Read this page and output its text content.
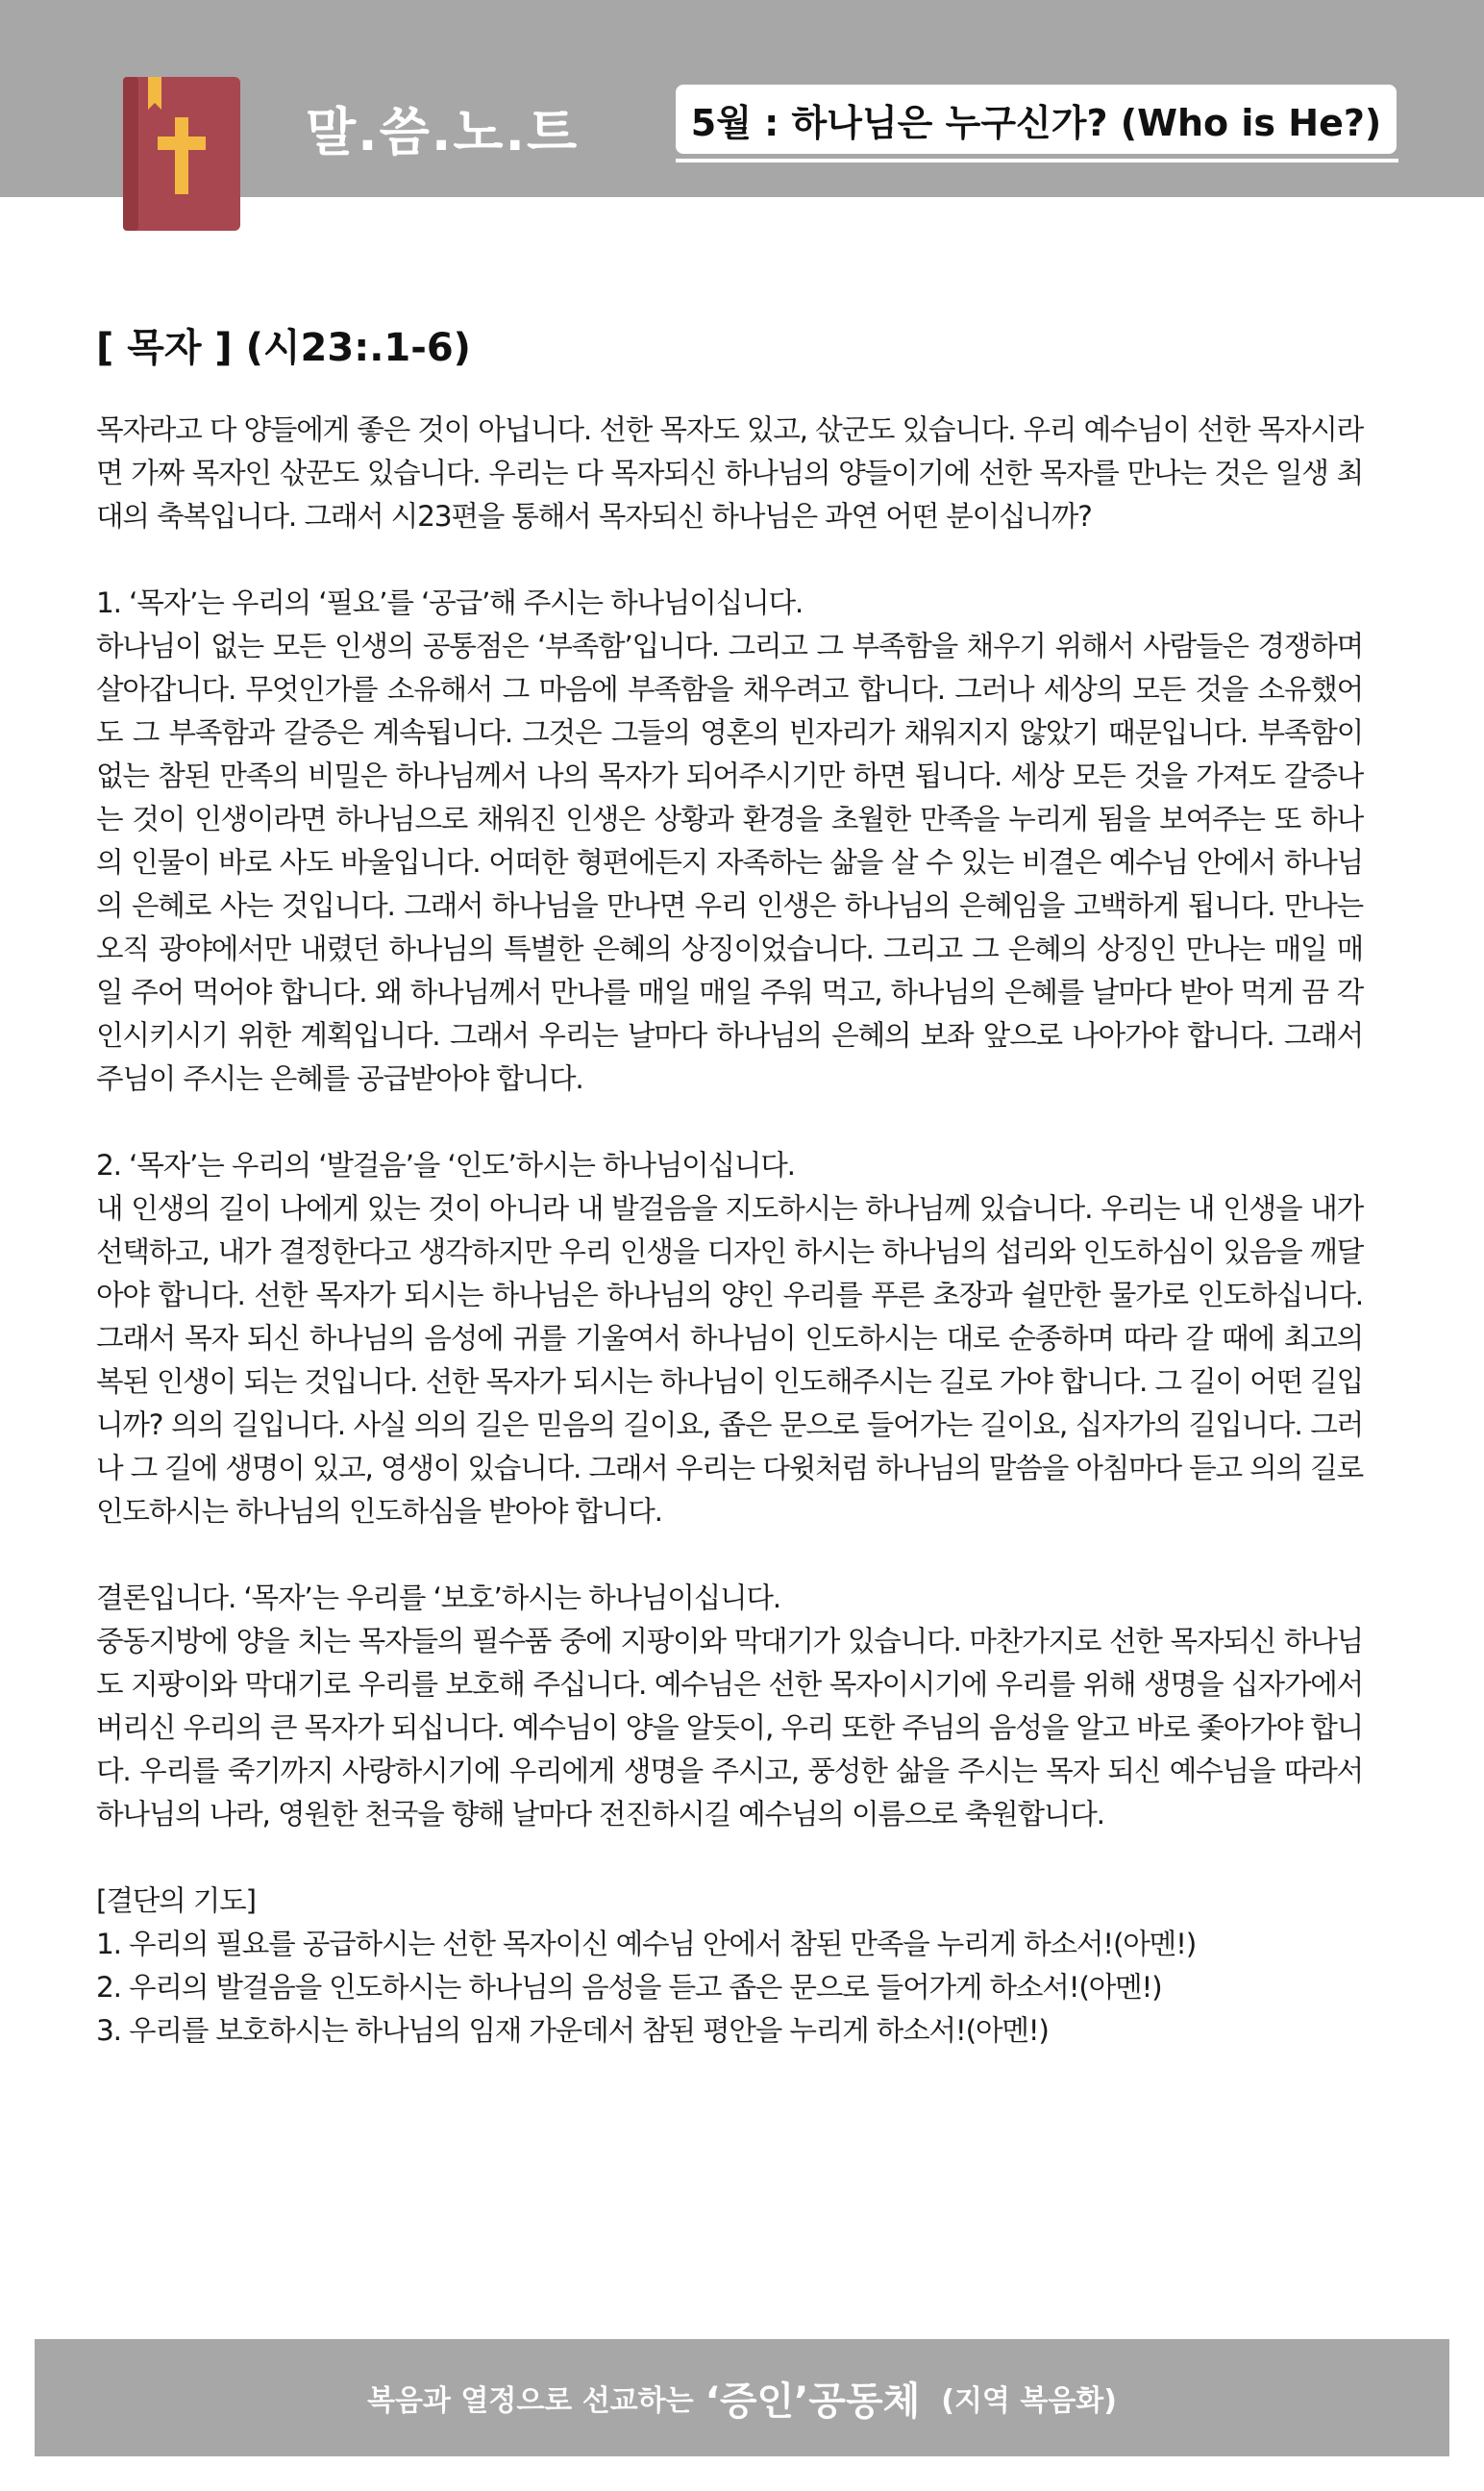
말.씀.노.트	5월 : 하나님은 누구신가? (Who is He?)
[ 목자 ] (시23:.1-6)

목자라고 다 양들에게 좋은 것이 아닙니다. 선한 목자도 있고, 삯군도 있습니다. 우리 예수님이 선한 목자시라면 가짜 목자인 삯꾼도 있습니다. 우리는 다 목자되신 하나님의 양들이기에 선한 목자를 만나는 것은 일생 최대의 축복입니다. 그래서 시23편을 통해서 목자되신 하나님은 과연 어떤 분이십니까?

1. ‘목자’는 우리의 ‘필요’를 ‘공급’해 주시는 하나님이십니다.

하나님이 없는 모든 인생의 공통점은 ‘부족함’입니다. 그리고 그 부족함을 채우기 위해서 사람들은 경쟁하며 살아갑니다. 무엇인가를 소유해서 그 마음에 부족함을 채우려고 합니다. 그러나 세상의 모든 것을 소유했어도 그 부족함과 갈증은 계속됩니다. 그것은 그들의 영혼의 빈자리가 채워지지 않았기 때문입니다. 부족함이 없는 참된 만족의 비밀은 하나님께서 나의 목자가 되어주시기만 하면 됩니다. 세상 모든 것을 가져도 갈증나는 것이 인생이라면 하나님으로 채워진 인생은 상황과 환경을 초월한 만족을 누리게 됨을 보여주는 또 하나의 인물이 바로 사도 바울입니다. 어떠한 형편에든지 자족하는 삶을 살 수 있는 비결은 예수님 안에서 하나님의 은혜로 사는 것입니다. 그래서 하나님을 만나면 우리 인생은 하나님의 은혜임을 고백하게 됩니다. 만나는 오직 광야에서만 내렸던 하나님의 특별한 은혜의 상징이었습니다. 그리고 그 은혜의 상징인 만나는 매일 매일 주어 먹어야 합니다. 왜 하나님께서 만나를 매일 매일 주워 먹고, 하나님의 은혜를 날마다 받아 먹게 끔 각인시키시기 위한 계획입니다. 그래서 우리는 날마다 하나님의 은혜의 보좌 앞으로 나아가야 합니다. 그래서 주님이 주시는 은혜를 공급받아야 합니다.

2. ‘목자’는 우리의 ‘발걸음’을 ‘인도’하시는 하나님이십니다.

내 인생의 길이 나에게 있는 것이 아니라 내 발걸음을 지도하시는 하나님께 있습니다. 우리는 내 인생을 내가 선택하고, 내가 결정한다고 생각하지만 우리 인생을 디자인 하시는 하나님의 섭리와 인도하심이 있음을 깨달아야 합니다. 선한 목자가 되시는 하나님은 하나님의 양인 우리를 푸른 초장과 쉴만한 물가로 인도하십니다. 그래서 목자 되신 하나님의 음성에 귀를 기울여서 하나님이 인도하시는 대로 순종하며 따라 갈 때에 최고의 복된 인생이 되는 것입니다. 선한 목자가 되시는 하나님이 인도해주시는 길로 가야 합니다. 그 길이 어떤 길입니까? 의의 길입니다. 사실 의의 길은 믿음의 길이요, 좁은 문으로 들어가는 길이요, 십자가의 길입니다. 그러나 그 길에 생명이 있고, 영생이 있습니다. 그래서 우리는 다윗처럼 하나님의 말씀을 아침마다 듣고 의의 길로 인도하시는 하나님의 인도하심을 받아야 합니다.

결론입니다. ‘목자’는 우리를 ‘보호’하시는 하나님이십니다.

중동지방에 양을 치는 목자들의 필수품 중에 지팡이와 막대기가 있습니다. 마찬가지로 선한 목자되신 하나님도 지팡이와 막대기로 우리를 보호해 주십니다. 예수님은 선한 목자이시기에 우리를 위해 생명을 십자가에서 버리신 우리의 큰 목자가 되십니다. 예수님이 양을 알듯이, 우리 또한 주님의 음성을 알고 바로 좇아가야 합니다. 우리를 죽기까지 사랑하시기에 우리에게 생명을 주시고, 풍성한 삶을 주시는 목자 되신 예수님을 따라서 하나님의 나라, 영원한 천국을 향해 날마다 전진하시길 예수님의 이름으로 축원합니다.

[결단의 기도]

1. 우리의 필요를 공급하시는 선한 목자이신 예수님 안에서 참된 만족을 누리게 하소서!(아멘!)

2. 우리의 발걸음을 인도하시는 하나님의 음성을 듣고 좁은 문으로 들어가게 하소서!(아멘!)

3. 우리를 보호하시는 하나님의 임재 가운데서 참된 평안을 누리게 하소서!(아멘!)

복음과 열정으로 선교하는 ‘증인’공동체 (지역 복음화)
